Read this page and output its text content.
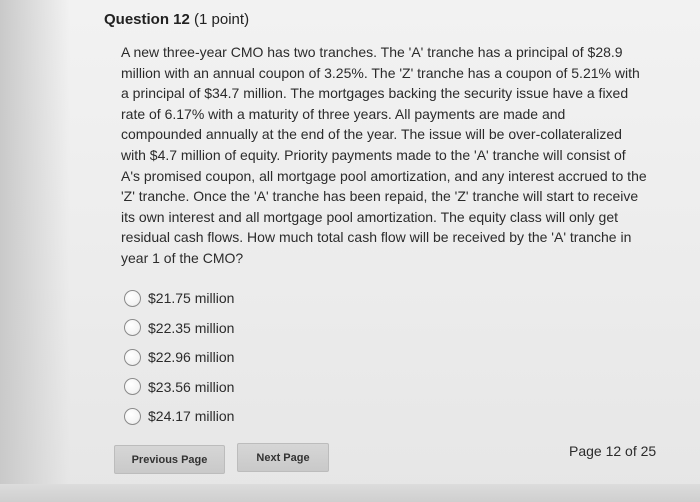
Question 12 (1 point)
A new three-year CMO has two tranches. The 'A' tranche has a principal of $28.9
million with an annual coupon of 3.25%. The 'Z' tranche has a coupon of 5.21% with
a principal of $34.7 million. The mortgages backing the security issue have a fixed
rate of 6.17% with a maturity of three years. All payments are made and
compounded annually at the end of the year. The issue will be over-collateralized
with $4.7 million of equity. Priority payments made to the 'A' tranche will consist of
A's promised coupon, all mortgage pool amortization, and any interest accrued to the
'Z' tranche. Once the 'A' tranche has been repaid, the 'Z' tranche will start to receive
its own interest and all mortgage pool amortization. The equity class will only get
residual cash flows. How much total cash flow will be received by the 'A' tranche in
year 1 of the CMO?
$21.75 million
$22.35 million
$22.96 million
$23.56 million
$24.17 million
Previous Page	Next Page	Page 12 of 25
